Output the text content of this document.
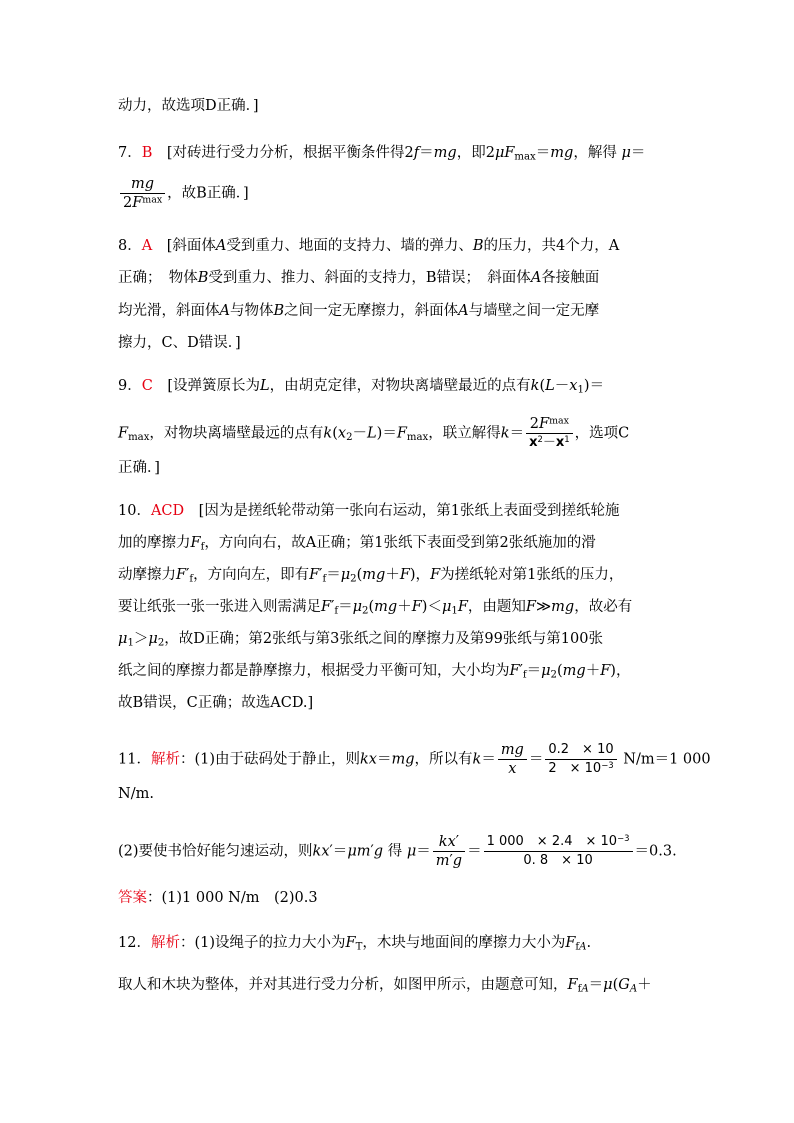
动力，故选项D正确．]
7．B　[对砖进行受力分析，根据平衡条件得2f＝mg，即$2\mu F_{max}=mg$，解得 μ＝
$\frac{mg}{2F^{max}}$ ，故B正确．]
8．A　[斜面体A受到重力、地面的支持力、墙的弹力、B的压力，共4个力，A
正确；　物体B受到重力、推力、斜面的支持力，B错误；　斜面体A各接触面
均光滑，斜面体A与物体B之间一定无摩擦力，斜面体A与墙壁之间一定无摩
擦力，C、D错误．]
9．C　[设弹簧原长为L，由胡克定律，对物块离墙壁最近的点有$k(L-x_1)=$
$F_{max}$，对物块离墙壁最远的点有$k(x_2-L)=F_{max}$，联立解得$k= \frac{2F^{max}}{x^2-x^1}$ ，选项C
正确．]
10．ACD　[因为是搓纸轮带动第一张向右运动，第1张纸上表面受到搓纸轮施
加的摩擦力$F_f$，方向向右，故A正确；第1张纸下表面受到第2张纸施加的滑
动摩擦力$F'_f$，方向向左，即有$F'_f=\mu_2(mg+F)$，F为搓纸轮对第1张纸的压力，
要让纸张一张一张进入则需满足$F'_f=\mu_2(mg+F)<\mu_1F$，由题知F≫mg，故必有
$\mu_1>\mu_2$，故D正确；第2张纸与第3张纸之间的摩擦力及第99张纸与第100张
纸之间的摩擦力都是静摩擦力，根据受力平衡可知，大小均为$F'_f=\mu_2(mg+F)$，
故B错误，C正确；故选ACD.]
11．解析：(1)由于砝码处于静止，则kx＝mg，所以有$k= \frac{mg}{x} = \frac{0.2 \times 10}{2 \times 10^{-3}} N/m=1$ 000
N/m.
(2)要使书恰好能匀速运动，则kx′＝μm′g 得 $\mu= \frac{kx'}{m'g} = \frac{1 000 \times 2.4 \times 10^{-3}}{0. 8 \times 10} =0.3$.
答案：(1)1 000 N/m　(2)0.3
12．解析：(1)设绳子的拉力大小为$F_T$，木块与地面间的摩擦力大小为$F_{fA}$.
取人和木块为整体，并对其进行受力分析，如图甲所示，由题意可知，$F_{fA}=\mu(G_A+$
